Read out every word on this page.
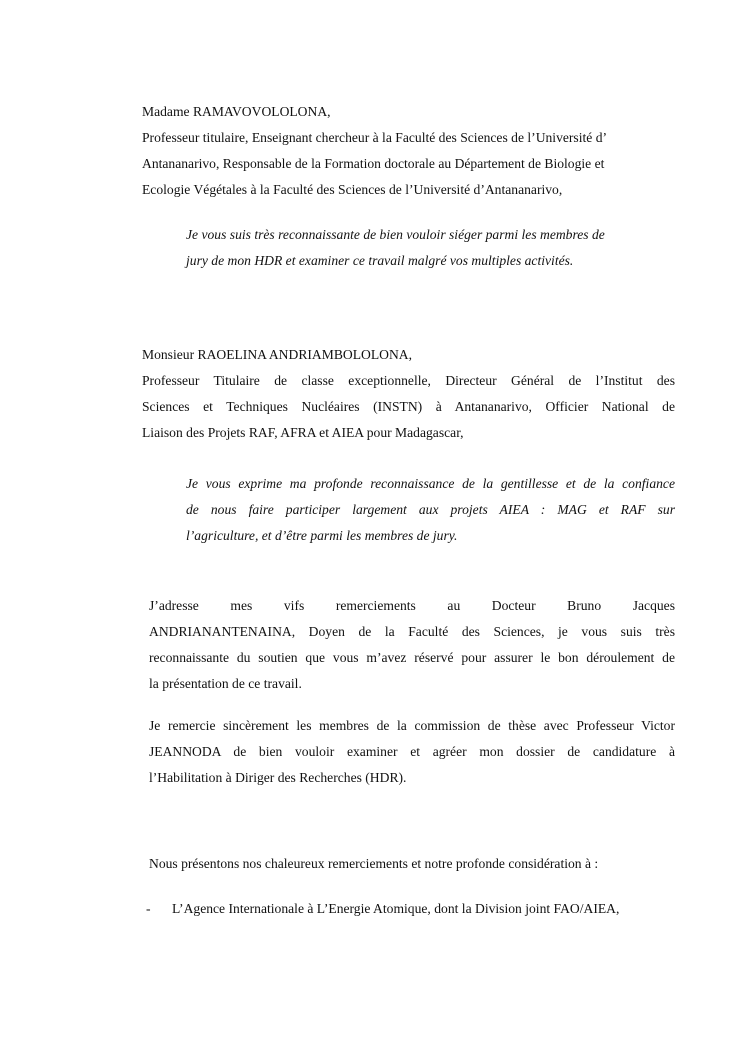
Madame RAMAVOVOLOLONA,
Professeur titulaire, Enseignant chercheur à la Faculté des Sciences de l’Université d’
Antananarivo, Responsable de la Formation doctorale au Département de Biologie et
Ecologie Végétales à la Faculté des Sciences de l’Université d’Antananarivo,
Je vous suis très reconnaissante de bien vouloir siéger parmi les membres de
jury de mon HDR et examiner ce travail malgré vos multiples activités.
Monsieur RAOELINA ANDRIAMBOLOLONA,
Professeur Titulaire de classe exceptionnelle, Directeur Général de l’Institut des
Sciences et Techniques Nucléaires (INSTN) à Antananarivo, Officier National de
Liaison des Projets RAF, AFRA et AIEA pour Madagascar,
Je vous exprime ma profonde reconnaissance de la gentillesse et de la confiance
de nous faire participer largement aux projets AIEA : MAG et RAF sur
l’agriculture, et d’être parmi les membres de jury.
J’adresse mes vifs remerciements au Docteur Bruno Jacques
ANDRIANANTENAINA, Doyen de la Faculté des Sciences, je vous suis très
reconnaissante du soutien que vous m’avez réservé pour assurer le bon déroulement de
la présentation de ce travail.
Je remercie sincèrement les membres de la commission de thèse avec Professeur Victor
JEANNODA de bien vouloir examiner et agréer mon dossier de candidature à
l’Habilitation à Diriger des Recherches (HDR).
Nous présentons nos chaleureux remerciements et notre profonde considération à :
- L’Agence Internationale à L’Energie Atomique, dont la Division joint FAO/AIEA,
